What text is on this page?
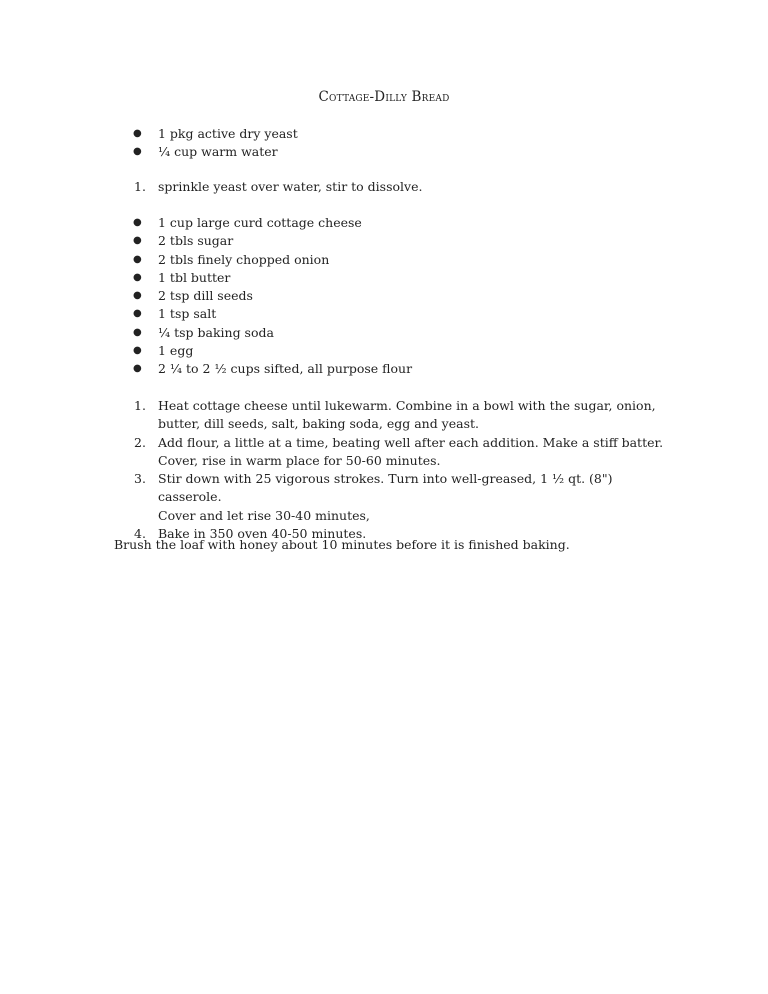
Cottage-Dilly Bread
● 1 pkg active dry yeast
● ¼ cup warm water
1. sprinkle yeast over water, stir to dissolve.
● 1 cup large curd cottage cheese
● 2 tbls sugar
● 2 tbls finely chopped onion
● 1 tbl butter
● 2 tsp dill seeds
● 1 tsp salt
● ¼ tsp baking soda
● 1 egg
● 2 ¼ to 2 ½ cups sifted, all purpose flour
1. Heat cottage cheese until lukewarm. Combine in a bowl with the sugar, onion,
butter, dill seeds, salt, baking soda, egg and yeast.
2. Add flour, a little at a time, beating well after each addition. Make a stiff batter.
Cover, rise in warm place for 50-60 minutes.
3. Stir down with 25 vigorous strokes. Turn into well-greased, 1 ½ qt. (8") casserole.
Cover and let rise 30-40 minutes,
4. Bake in 350 oven 40-50 minutes.
Brush the loaf with honey about 10 minutes before it is finished baking.
